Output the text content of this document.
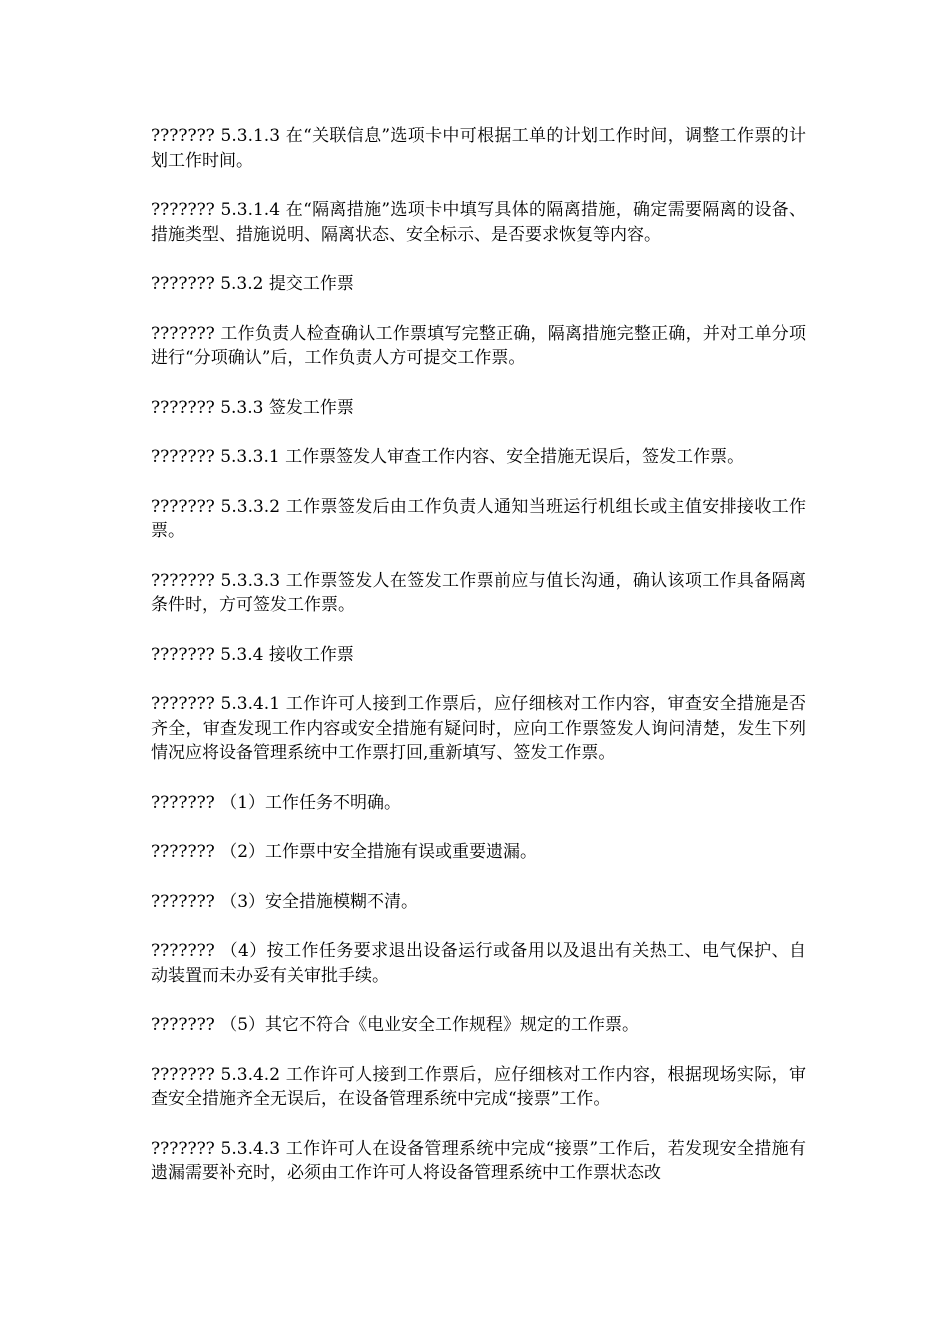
??????? 5.3.1.3 在“关联信息”选项卡中可根据工单的计划工作时间，调整工作票的计划工作时间。

??????? 5.3.1.4 在“隔离措施”选项卡中填写具体的隔离措施，确定需要隔离的设备、措施类型、措施说明、隔离状态、安全标示、是否要求恢复等内容。

??????? 5.3.2 提交工作票

??????? 工作负责人检查确认工作票填写完整正确，隔离措施完整正确，并对工单分项进行“分项确认”后，工作负责人方可提交工作票。

??????? 5.3.3 签发工作票

??????? 5.3.3.1 工作票签发人审查工作内容、安全措施无误后，签发工作票。

??????? 5.3.3.2 工作票签发后由工作负责人通知当班运行机组长或主值安排接收工作票。

??????? 5.3.3.3 工作票签发人在签发工作票前应与值长沟通，确认该项工作具备隔离条件时，方可签发工作票。

??????? 5.3.4 接收工作票

??????? 5.3.4.1 工作许可人接到工作票后，应仔细核对工作内容，审查安全措施是否齐全，审查发现工作内容或安全措施有疑问时，应向工作票签发人询问清楚，发生下列情况应将设备管理系统中工作票打回,重新填写、签发工作票。

??????? （1）工作任务不明确。

??????? （2）工作票中安全措施有误或重要遗漏。

??????? （3）安全措施模糊不清。

??????? （4）按工作任务要求退出设备运行或备用以及退出有关热工、电气保护、自动装置而未办妥有关审批手续。

??????? （5）其它不符合《电业安全工作规程》规定的工作票。

??????? 5.3.4.2 工作许可人接到工作票后，应仔细核对工作内容，根据现场实际，审查安全措施齐全无误后，在设备管理系统中完成“接票”工作。

??????? 5.3.4.3 工作许可人在设备管理系统中完成“接票”工作后，若发现安全措施有遗漏需要补充时，必须由工作许可人将设备管理系统中工作票状态改
